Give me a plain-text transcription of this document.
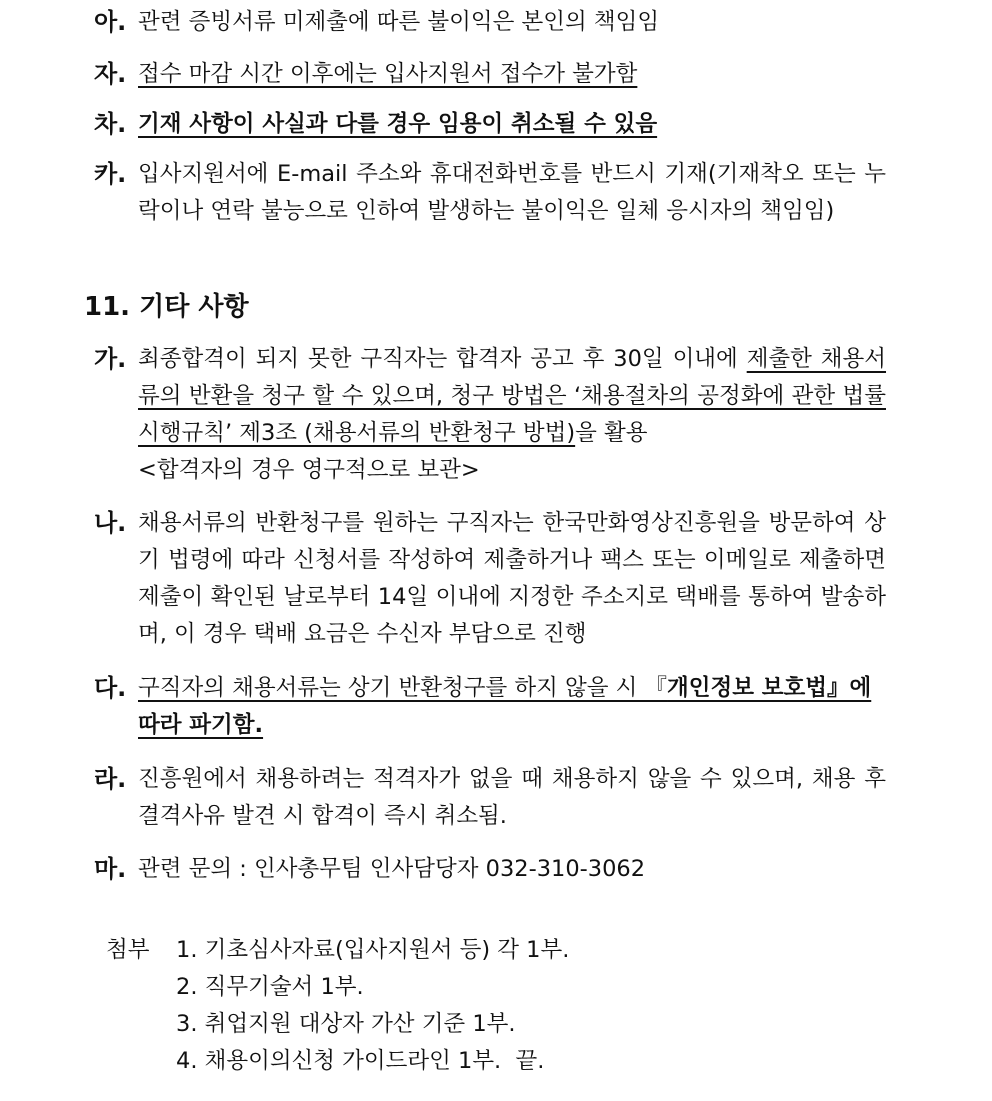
아. 관련 증빙서류 미제출에 따른 불이익은 본인의 책임임
자. 접수 마감 시간 이후에는 입사지원서 접수가 불가함
차. 기재 사항이 사실과 다를 경우 임용이 취소될 수 있음
카. 입사지원서에 E-mail 주소와 휴대전화번호를 반드시 기재(기재착오 또는 누락이나 연락 불능으로 인하여 발생하는 불이익은 일체 응시자의 책임임)
11. 기타 사항
가. 최종합격이 되지 못한 구직자는 합격자 공고 후 30일 이내에 제출한 채용서류의 반환을 청구 할 수 있으며, 청구 방법은 ‘채용절차의 공정화에 관한 법률 시행규칙’ 제3조 (채용서류의 반환청구 방법)을 활용
<합격자의 경우 영구적으로 보관>
나. 채용서류의 반환청구를 원하는 구직자는 한국만화영상진흥원을 방문하여 상기 법령에 따라 신청서를 작성하여 제출하거나 팩스 또는 이메일로 제출하면 제출이 확인된 날로부터 14일 이내에 지정한 주소지로 택배를 통하여 발송하며, 이 경우 택배 요금은 수신자 부담으로 진행
다. 구직자의 채용서류는 상기 반환청구를 하지 않을 시 『개인정보 보호법』에 따라 파기함.
라. 진흥원에서 채용하려는 적격자가 없을 때 채용하지 않을 수 있으며, 채용 후 결격사유 발견 시 합격이 즉시 취소됨.
마. 관련 문의 : 인사총무팀 인사담당자 032-310-3062
첨부 1. 기초심사자료(입사지원서 등) 각 1부.
2. 직무기술서 1부.
3. 취업지원 대상자 가산 기준 1부.
4. 채용이의신청 가이드라인 1부.  끝.
